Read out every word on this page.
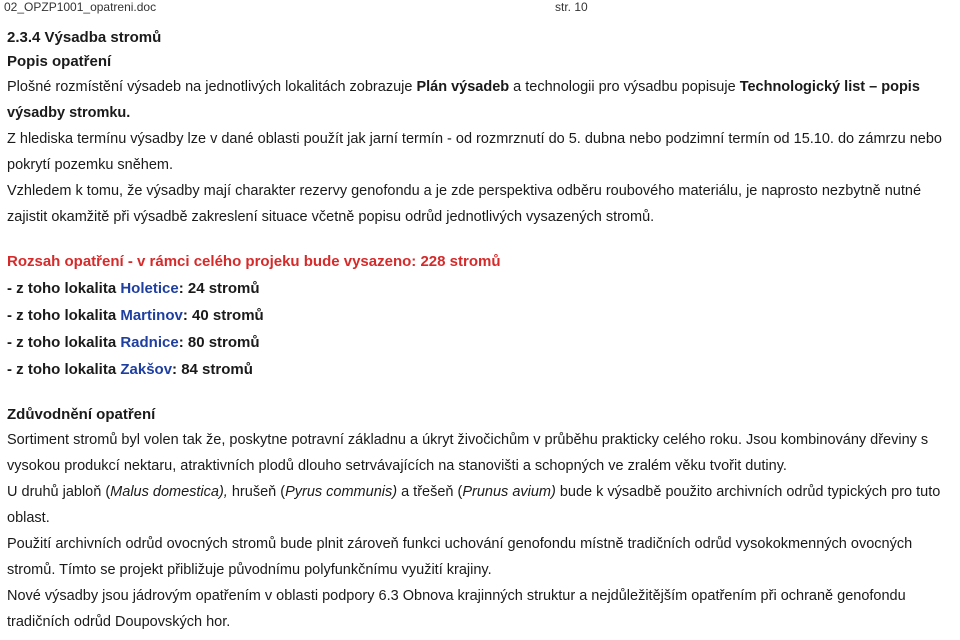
02_OPZP1001_opatreni.doc	str. 10
2.3.4 Výsadba stromů
Popis opatření

Plošné rozmístění výsadeb na jednotlivých lokalitách zobrazuje Plán výsadeb a technologii pro výsadbu popisuje Technologický list – popis výsadby stromku.

Z hlediska termínu výsadby lze v dané oblasti použít jak jarní termín - od rozmrznutí do 5. dubna nebo podzimní termín od 15.10. do zámrzu nebo pokrytí pozemku sněhem.

Vzhledem k tomu, že výsadby mají charakter rezervy genofondu a je zde perspektiva odběru roubového materiálu, je naprosto nezbytně nutné zajistit okamžitě při výsadbě zakreslení situace včetně popisu odrůd jednotlivých vysazených stromů.

Rozsah opatření - v rámci celého projeku bude vysazeno: 228 stromů
- z toho lokalita Holetice: 24 stromů
- z toho lokalita Martinov: 40 stromů
- z toho lokalita Radnice: 80 stromů
- z toho lokalita Zakšov: 84 stromů
Zdůvodnění opatření

Sortiment stromů byl volen tak že, poskytne potravní základnu a úkryt živočichům v průběhu prakticky celého roku. Jsou kombinovány dřeviny s vysokou produkcí nektaru, atraktivních plodů dlouho setrvávajících na stanovišti a schopných ve zralém věku tvořit dutiny.

U druhů jabloň (Malus domestica), hrušeň (Pyrus communis) a třešeň (Prunus avium) bude k výsadbě použito archivních odrůd typických pro tuto oblast.

Použití archivních odrůd ovocných stromů bude plnit zároveň funkci uchování genofondu místně tradičních odrůd vysokokmenných ovocných stromů. Tímto se projekt přibližuje původnímu polyfunkčnímu využití krajiny.

Nové výsadby jsou jádrovým opatřením v oblasti podpory 6.3 Obnova krajinných struktur a nejdůležitějším opatřením při ochraně genofondu tradičních odrůd Doupovských hor.
